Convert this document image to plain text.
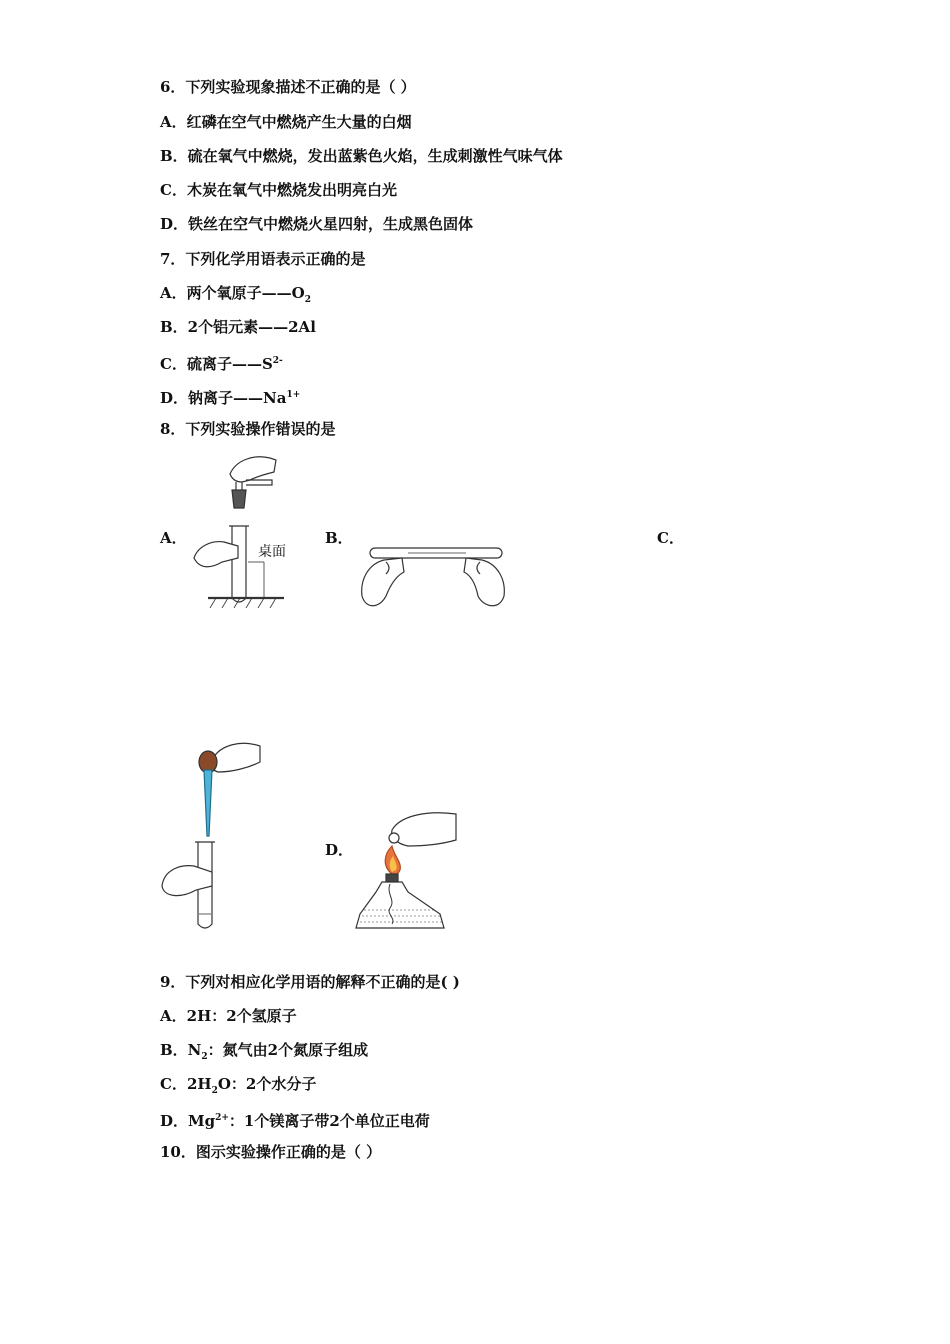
6．下列实验现象描述不正确的是（ ）
A．红磷在空气中燃烧产生大量的白烟
B．硫在氧气中燃烧，发出蓝紫色火焰，生成刺激性气味气体
C．木炭在氧气中燃烧发出明亮白光
D．铁丝在空气中燃烧火星四射，生成黑色固体
7．下列化学用语表示正确的是
A．两个氧原子$——O_2$
B．2个铝元素——2Al
C．硫离子$——S^{2-}$
D．钠离子$——Na^{1+}$
8．下列实验操作错误的是
A．	B．	C．
D．
桌面
9．下列对相应化学用语的解释不正确的是( )
A．2H：2个氢原子
B．$N_2$：氮气由2个氮原子组成
C．$2H_2O$：2个水分子
D．$Mg^{2+}$：1个镁离子带2个单位正电荷
10．图示实验操作正确的是（ ）
